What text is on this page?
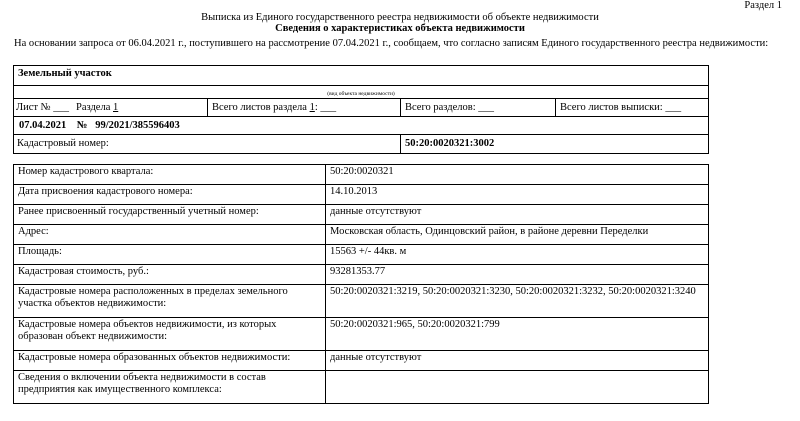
Раздел 1
Выписка из Единого государственного реестра недвижимости об объекте недвижимости
Сведения о характеристиках объекта недвижимости
На основании запроса от 06.04.2021 г., поступившего на рассмотрение 07.04.2021 г., сообщаем, что согласно записям Единого государственного реестра недвижимости:
Земельный участок
(вид объекта недвижимости)
Лист № ___ Раздела 1	Всего листов раздела 1: ___	Всего разделов: ___	Всего листов выписки: ___
07.04.2021 № 99/2021/385596403
Кадастровый номер:	50:20:0020321:3002
Номер кадастрового квартала:	50:20:0020321
Дата присвоения кадастрового номера:	14.10.2013
Ранее присвоенный государственный учетный номер:	данные отсутствуют
Адрес:	Московская область, Одинцовский район, в районе деревни Переделки
Площадь:	15563 +/- 44кв. м
Кадастровая стоимость, руб.:	93281353.77
Кадастровые номера расположенных в пределах земельного участка объектов недвижимости:	50:20:0020321:3219, 50:20:0020321:3230, 50:20:0020321:3232, 50:20:0020321:3240
Кадастровые номера объектов недвижимости, из которых образован объект недвижимости:	50:20:0020321:965, 50:20:0020321:799
Кадастровые номера образованных объектов недвижимости:	данные отсутствуют
Сведения о включении объекта недвижимости в состав предприятия как имущественного комплекса:	
